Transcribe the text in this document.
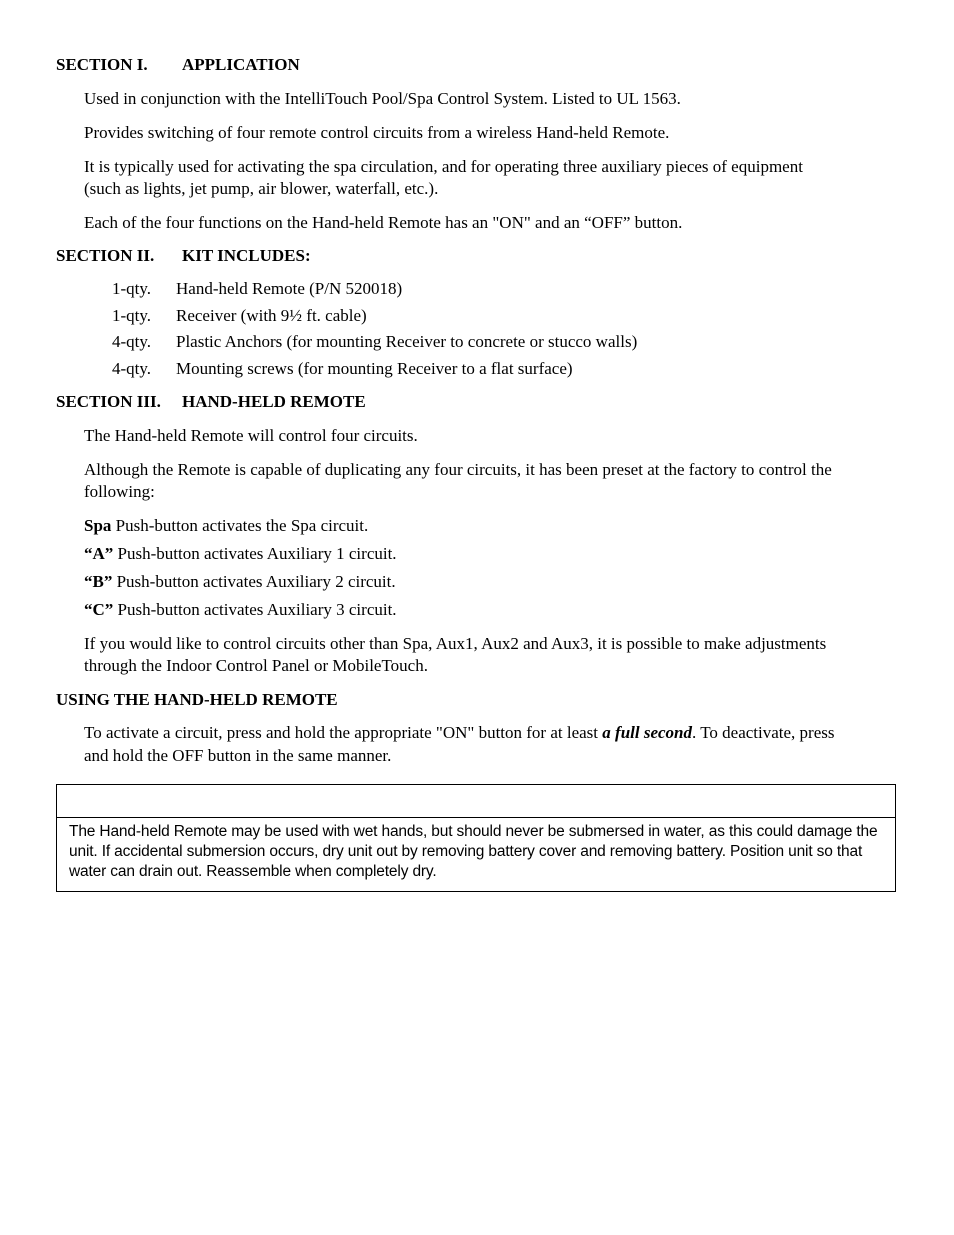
SECTION I. APPLICATION
Used in conjunction with the IntelliTouch Pool/Spa Control System. Listed to UL 1563.
Provides switching of four remote control circuits from a wireless Hand-held Remote.
It is typically used for activating the spa circulation, and for operating three auxiliary pieces of equipment
(such as lights, jet pump, air blower, waterfall, etc.).
Each of the four functions on the Hand-held Remote has an "ON" and an “OFF” button.
SECTION II. KIT INCLUDES:
1-qty. Hand-held Remote (P/N 520018)
1-qty. Receiver (with 9½ ft. cable)
4-qty. Plastic Anchors (for mounting Receiver to concrete or stucco walls)
4-qty. Mounting screws (for mounting Receiver to a flat surface)
SECTION III. HAND-HELD REMOTE
The Hand-held Remote will control four circuits.
Although the Remote is capable of duplicating any four circuits, it has been preset at the factory to control the
following:
Spa Push-button activates the Spa circuit.
“A” Push-button activates Auxiliary 1 circuit.
“B” Push-button activates Auxiliary 2 circuit.
“C” Push-button activates Auxiliary 3 circuit.
If you would like to control circuits other than Spa, Aux1, Aux2 and Aux3, it is possible to make adjustments
through the Indoor Control Panel or MobileTouch.
USING THE HAND-HELD REMOTE
To activate a circuit, press and hold the appropriate "ON" button for at least a full second. To deactivate, press
and hold the OFF button in the same manner.
The Hand-held Remote may be used with wet hands, but should never be submersed in water, as this could damage the
unit. If accidental submersion occurs, dry unit out by removing battery cover and removing battery. Position unit so that
water can drain out. Reassemble when completely dry.
